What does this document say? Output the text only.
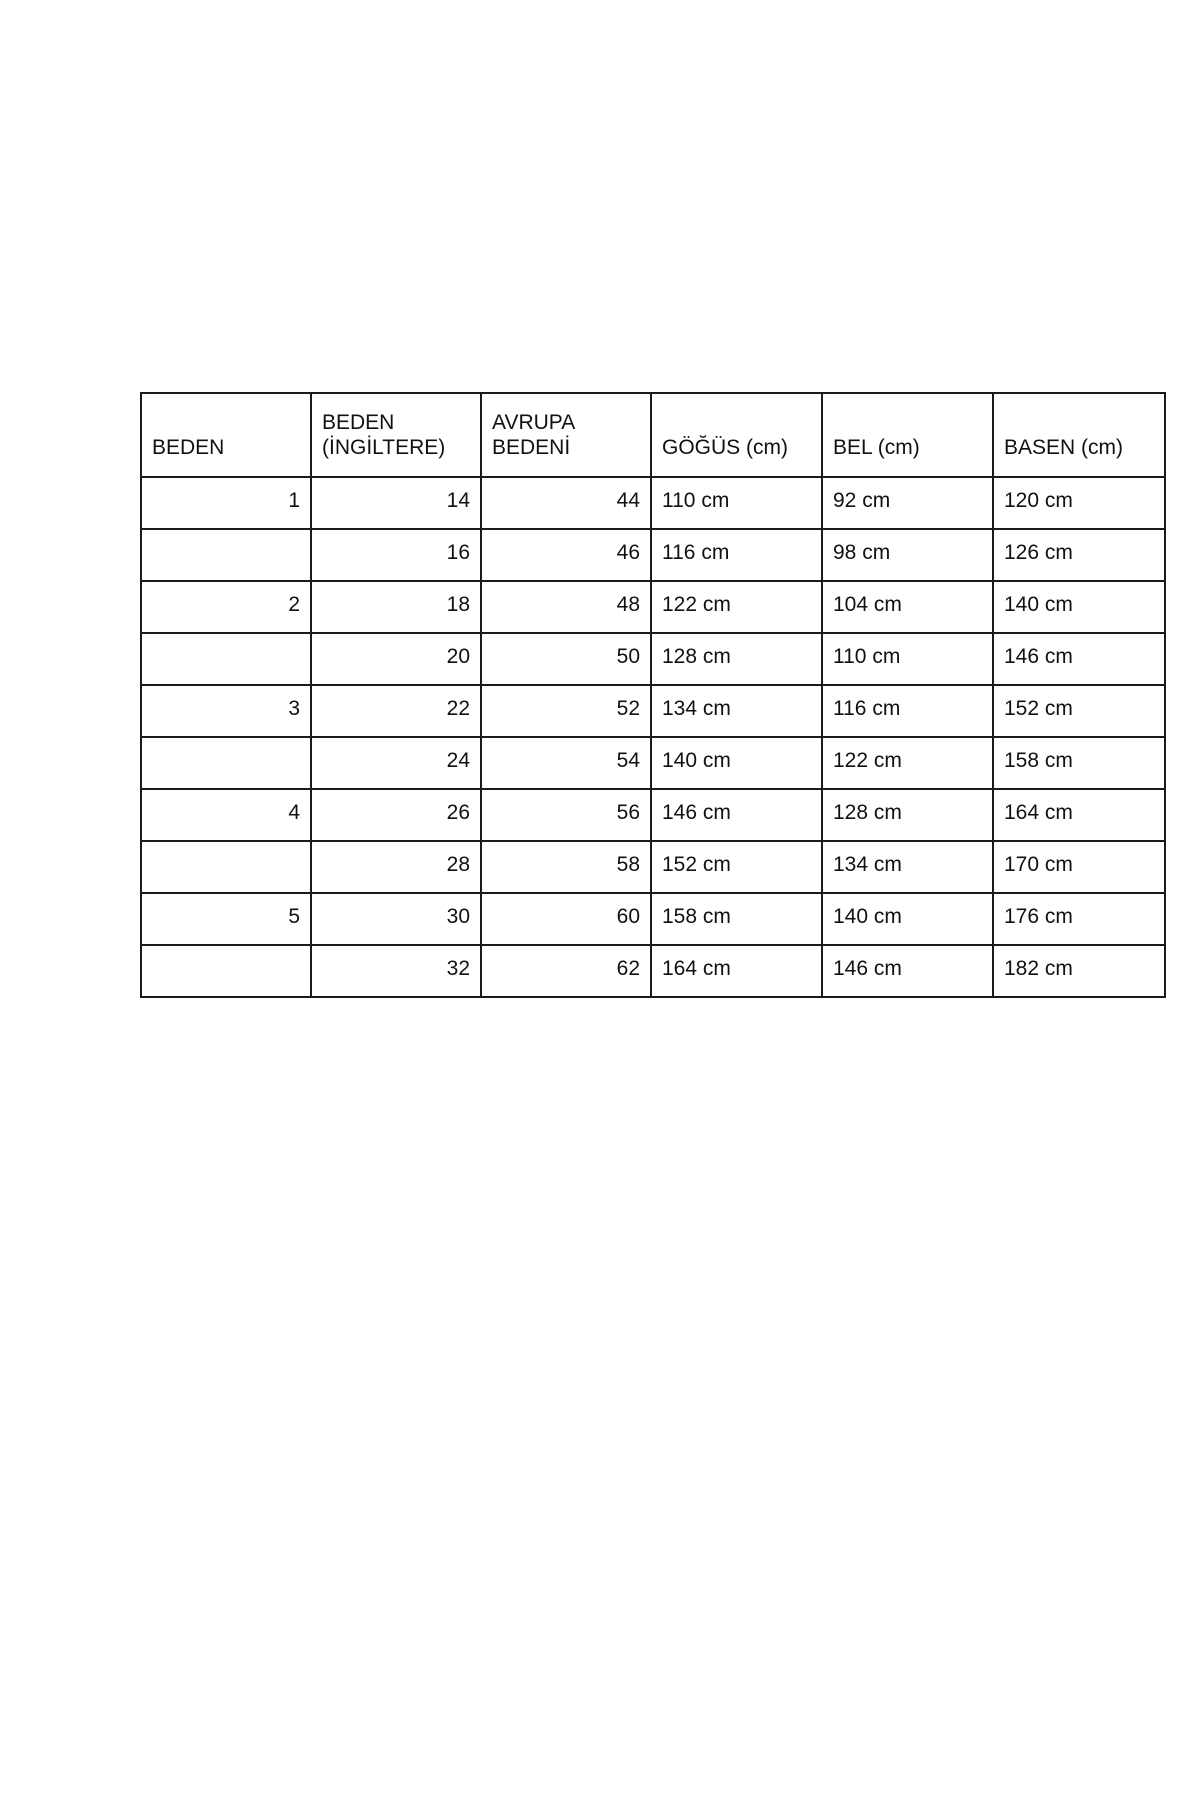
BEDEN	BEDEN (İNGİLTERE)	AVRUPA BEDENİ	GÖĞÜS (cm)	BEL (cm)	BASEN (cm)
1	14	44	110 cm	92 cm	120 cm
	16	46	116 cm	98 cm	126 cm
2	18	48	122 cm	104 cm	140 cm
	20	50	128 cm	110 cm	146 cm
3	22	52	134 cm	116 cm	152 cm
	24	54	140 cm	122 cm	158 cm
4	26	56	146 cm	128 cm	164 cm
	28	58	152 cm	134 cm	170 cm
5	30	60	158 cm	140 cm	176 cm
	32	62	164 cm	146 cm	182 cm
